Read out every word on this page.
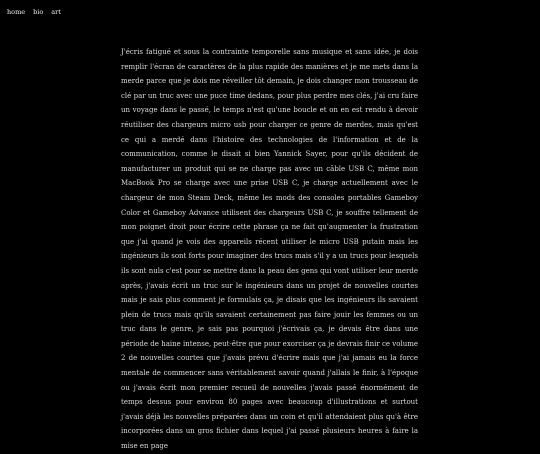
home bio art

J'écris fatigué et sous la contrainte temporelle sans musique et sans idée, je dois remplir l'écran de caractères de la plus rapide des manières et je me mets dans la merde parce que je dois me réveiller tôt demain, je dois changer mon trousseau de clé par un truc avec une puce time dedans, pour plus perdre mes clés, j'ai cru faire un voyage dans le passé, le temps n'est qu'une boucle et on en est rendu à devoir réutiliser des chargeurs micro usb pour charger ce genre de merdes, mais qu'est ce qui a merdé dans l'histoire des technologies de l'information et de la communication, comme le disait si bien Yannick Sayer, pour qu'ils décident de manufacturer un produit qui se ne charge pas avec un câble USB C, même mon MacBook Pro se charge avec une prise USB C, je charge actuellement avec le chargeur de mon Steam Deck, même les mods des consoles portables Gameboy Color et Gameboy Advance utilisent des chargeurs USB C, je souffre tellement de mon poignet droit pour écrire cette phrase ça ne fait qu'augmenter la frustration que j'ai quand je vois des appareils récent utiliser le micro USB putain mais les ingénieurs ils sont forts pour imaginer des trucs mais s'il y a un trucs pour lesquels ils sont nuls c'est pour se mettre dans la peau des gens qui vont utiliser leur merde après, j'avais écrit un truc sur le ingénieurs dans un projet de nouvelles courtes mais je sais plus comment je formulais ça, je disais que les ingénieurs ils savaient plein de trucs mais qu'ils savaient certainement pas faire jouir les femmes ou un truc dans le genre, je sais pas pourquoi j'écrivais ça, je devais être dans une période de haine intense, peut-être que pour exorciser ça je devrais finir ce volume 2 de nouvelles courtes que j'avais prévu d'écrire mais que j'ai jamais eu la force mentale de commencer sans véritablement savoir quand j'allais le finir, à l'époque ou j'avais écrit mon premier recueil de nouvelles j'avais passé énormément de temps dessus pour environ 80 pages avec beaucoup d'illustrations et surtout j'avais déjà les nouvelles préparées dans un coin et qu'il attendaient plus qu'à être incorporées dans un gros fichier dans lequel j'ai passé plusieurs heures à faire la mise en page
